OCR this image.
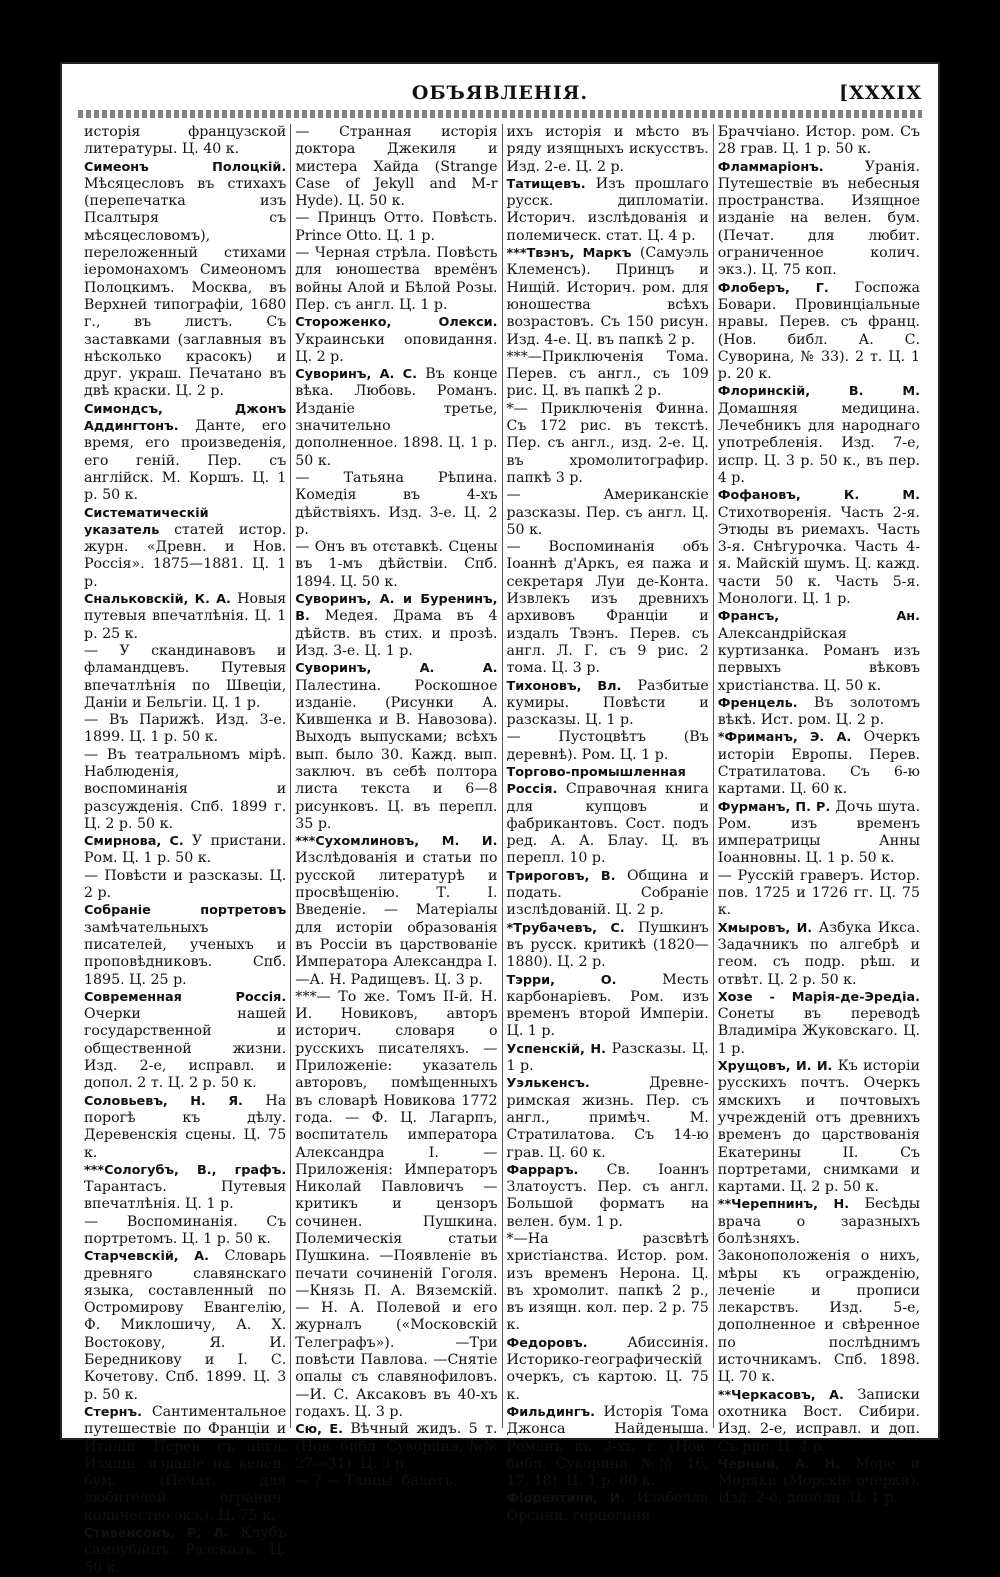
ОБЪЯВЛЕНІЯ.	[XXXIX

исторія французской литературы. Ц. 40 к.

Симеонъ Полоцкій. Мѣсяцесловъ въ стихахъ (перепечатка изъ Псалтыря съ мѣсяцесловомъ), переложенный стихами іеромонахомъ Симеономъ Полоцкимъ. Москва, въ Верхней типографіи, 1680 г., въ листъ. Съ заставками (заглавныя въ нѣсколько красокъ) и друг. украш. Печатано въ двѣ краски. Ц. 2 р.

Симондсъ, Джонъ Аддингтонъ. Данте, его время, его произведенія, его геній. Пер. съ англійск. М. Коршъ. Ц. 1 р. 50 к.

Систематическій указатель статей истор. журн. «Древн. и Нов. Россія». 1875—1881. Ц. 1 р.

Снальковскій, К. А. Новыя путевыя впечатлѣнія. Ц. 1 р. 25 к.

— У скандинавовъ и фламандцевъ. Путевыя впечатлѣнія по Швеціи, Даніи и Бельгіи. Ц. 1 р.

— Въ Парижѣ. Изд. 3-е. 1899. Ц. 1 р. 50 к.

— Въ театральномъ мірѣ. Наблюденія, воспоминанія и разсужденія. Спб. 1899 г. Ц. 2 р. 50 к.

Смирнова, С. У пристани. Ром. Ц. 1 р. 50 к.

— Повѣсти и разсказы. Ц. 2 р.

Собраніе портретовъ замѣчательныхъ писателей, ученыхъ и проповѣдниковъ. Спб. 1895. Ц. 25 р.

Современная Россія. Очерки нашей государственной и общественной жизни. Изд. 2-е, исправл. и допол. 2 т. Ц. 2 р. 50 к.

Соловьевъ, Н. Я. На порогѣ къ дѣлу. Деревенскія сцены. Ц. 75 к.

***Сологубъ, В., графъ. Тарантасъ. Путевыя впечатлѣнія. Ц. 1 р.

— Воспоминанія. Съ портретомъ. Ц. 1 р. 50 к.

Старчевскій, А. Словарь древняго славянскаго языка, составленный по Остромирову Евангелію, Ф. Миклошичу, А. Х. Востокову, Я. И. Бередникову и І. С. Кочетову. Спб. 1899. Ц. 3 р. 50 к.

Стернъ. Сантиментальное путешествіе по Франціи и Италіи. Перев. съ англ. Изящн. изданіе на велен. бум. (Печат. для любителей огранич. количество экз.). Ц. 75 к.

Стивенсонъ, Р. Л. Клубъ самоубійцъ. Разсказъ. Ц. 50 к.

— Странная исторія доктора Джекиля и мистера Хайда (Strange Case of Jekyll and M-r Hyde). Ц. 50 к.

— Принцъ Отто. Повѣсть. Prince Otto. Ц. 1 р.

— Черная стрѣла. Повѣсть для юношества времёнъ войны Алой и Бѣлой Розы. Пер. съ англ. Ц. 1 р.

Стороженко, Олекси. Украинськи оповидання. Ц. 2 р.

Суворинъ, А. С. Въ конце вѣка. Любовь. Романъ. Изданіе третье, значительно дополненное. 1898. Ц. 1 р. 50 к.

— Татьяна Рѣпина. Комедія въ 4-хъ дѣйствіяхъ. Изд. 3-е. Ц. 2 р.

— Онъ въ отставкѣ. Сцены въ 1-мъ дѣйствіи. Спб. 1894. Ц. 50 к.

Суворинъ, А. и Буренинъ, В. Медея. Драма въ 4 дѣйств. въ стих. и прозѣ. Изд. 3-е. Ц. 1 р.

Суворинъ, А. А. Палестина. Роскошное изданіе. (Рисунки А. Кившенка и В. Навозова). Выходъ выпусками; всѣхъ вып. было 30. Кажд. вып. заключ. въ себѣ полтора листа текста и 6—8 рисунковъ. Ц. въ перепл. 35 р.

***Сухомлиновъ, М. И. Изслѣдованія и статьи по русской литературѣ и просвѣщенію. Т. І. Введеніе. — Матеріалы для исторіи образованія въ Россіи въ царствованіе Императора Александра І. —А. Н. Радищевъ. Ц. 3 р.

***— То же. Томъ II-й. Н. И. Новиковъ, авторъ историч. словаря о русскихъ писателяхъ. —Приложеніе: указатель авторовъ, помѣщенныхъ въ словарѣ Новикова 1772 года. — Ф. Ц. Лагарпъ, воспитатель императора Александра І. — Приложенія: Императоръ Николай Павловичъ — критикъ и цензоръ сочинен. Пушкина. Полемическія статьи Пушкина. —Появленіе въ печати сочиненій Гоголя. —Князь П. А. Вяземскій. — Н. А. Полевой и его журналъ («Московскій Телеграфъ»). —Три повѣсти Павлова. —Снятіе опалы съ славянофиловъ. —И. С. Аксаковъ въ 40-хъ годахъ. Ц. 3 р.

Сю, Е. Вѣчный жидъ. 5 т. (Нов. библ. Суворина, №№ 27—31). Ц. 3 р.

— ? — Танцы, балетъ,

ихъ исторія и мѣсто въ ряду изящныхъ искусствъ. Изд. 2-е. Ц. 2 р.

Татищевъ. Изъ прошлаго русск. дипломатіи. Историч. изслѣдованія и полемическ. стат. Ц. 4 р.

***Твэнъ, Маркъ (Самуэль Клеменсъ). Принцъ и Нищій. Историч. ром. для юношества всѣхъ возрастовъ. Съ 150 рисун. Изд. 4-е. Ц. въ папкѣ 2 р.

***—Приключенія Тома. Перев. съ англ., съ 109 рис. Ц. въ папкѣ 2 р.

*— Приключенія Финна. Съ 172 рис. въ текстѣ. Пер. съ англ., изд. 2-е. Ц. въ хромолитографир. папкѣ 3 р.

— Американскіе разсказы. Пер. съ англ. Ц. 50 к.

— Воспоминанія объ Іоаннѣ д'Аркъ, ея пажа и секретаря Луи де-Конта. Извлекъ изъ древнихъ архивовъ Франціи и издалъ Твэнъ. Перев. съ англ. Л. Г. съ 9 рис. 2 тома. Ц. 3 р.

Тихоновъ, Вл. Разбитые кумиры. Повѣсти и разсказы. Ц. 1 р.

— Пустоцвѣтъ (Въ деревнѣ). Ром. Ц. 1 р.

Торгово-промышленная Россія. Справочная книга для купцовъ и фабрикантовъ. Сост. подъ ред. А. А. Блау. Ц. въ перепл. 10 р.

Трироговъ, В. Община и подать. Собраніе изслѣдованій. Ц. 2 р.

*Трубачевъ, С. Пушкинъ въ русск. критикѣ (1820—1880). Ц. 2 р.

Тэрри, О.	Месть карбонаріевъ. Ром. изъ временъ второй Имперіи. Ц. 1 р.

Успенскій, Н. Разсказы. Ц. 1 р.

Уэлькенсъ.	Древне-римская жизнь. Пер. съ англ., примѣч. М. Стратилатова. Съ 14-ю грав. Ц. 60 к.

Фарраръ. Св. Іоаннъ Златоустъ. Пер. съ англ. Большой форматъ на велен. бум. 1 р.

*—На разсвѣтѣ христіанства. Истор. ром. изъ временъ Нерона. Ц. въ хромолит. папкѣ 2 р., въ изящн. кол. пер. 2 р. 75 к.

Федоровъ.	Абиссинія. Историко-географическій очеркъ, съ картою. Ц. 75 к.

Фильдингъ. Исторія Тома Джонса Найденыша. Романъ въ 3-хъ т. (Нов. библ. Суворина, №№ 16, 17, 18). Ц. 1 р. 80 к.

Фіорентини, И. Изабелла Орсини, герцогиня

Браччіано. Истор. ром. Съ 28 грав. Ц. 1 р. 50 к.

Фламмаріонъ.	Уранія. Путешествіе въ небесныя пространства. Изящное изданіе на велен. бум. (Печат. для любит. ограниченное колич. экз.). Ц. 75 коп.

Флоберъ, Г. Госпожа Бовари. Провинціальные нравы. Перев. съ франц. (Нов. библ. А. С. Суворина, № 33). 2 т. Ц. 1 р. 20 к.

Флоринскій, В. М. Домашняя медицина. Лечебникъ для народнаго употребленія. Изд. 7-е, испр. Ц. 3 р. 50 к., въ пер. 4 р.

Фофановъ, К. М. Стихотворенія. Часть 2-я. Этюды въ риемахъ. Часть 3-я. Снѣгурочка. Часть 4-я. Майскій шумъ. Ц. кажд. части 50 к. Часть 5-я. Монологи. Ц. 1 р.

Франсъ, Ан. Александрійская куртизанка. Романъ изъ первыхъ вѣковъ христіанства. Ц. 50 к.

Френцель. Въ золотомъ вѣкѣ. Ист. ром. Ц. 2 р.

*Фриманъ, Э. А. Очеркъ исторіи Европы. Перев. Стратилатова. Съ 6-ю картами. Ц. 60 к.

Фурманъ, П. Р. Дочь шута. Ром. изъ временъ императрицы Анны Іоанновны. Ц. 1 р. 50 к.

— Русскій граверъ. Истор. пов. 1725 и 1726 гг. Ц. 75 к.

Хмыровъ, И. Азбука Икса. Задачникъ по алгебрѣ и геом. съ подр. рѣш. и отвѣт. Ц. 2 р. 50 к.

Хозе - Марія-де-Эредіа. Сонеты въ переводѣ Владиміра Жуковскаго. Ц. 1 р.

Хрущовъ, И. И. Къ исторіи русскихъ почтъ. Очеркъ ямскихъ и почтовыхъ учрежденій отъ древнихъ временъ до царствованія Екатерины II. Съ портретами, снимками и картами. Ц. 2 р. 50 к.

**Черепнинъ, Н. Бесѣды врача о заразныхъ болѣзняхъ. Законоположенія о нихъ, мѣры къ огражденію, леченіе и прописи лекарствъ. Изд. 5-е, дополненное и свѣренное по послѣднимъ источникамъ. Спб. 1898. Ц. 70 к.

**Черкасовъ, А. Записки охотника Вост. Сибири. Изд. 2-е, исправл. и доп. Съ рис. Ц. 4 р.

Черный, А. Н. Море и Моряки (Морскіе очерки). Изд. 2-е, дополн. Ц. 1 р.
